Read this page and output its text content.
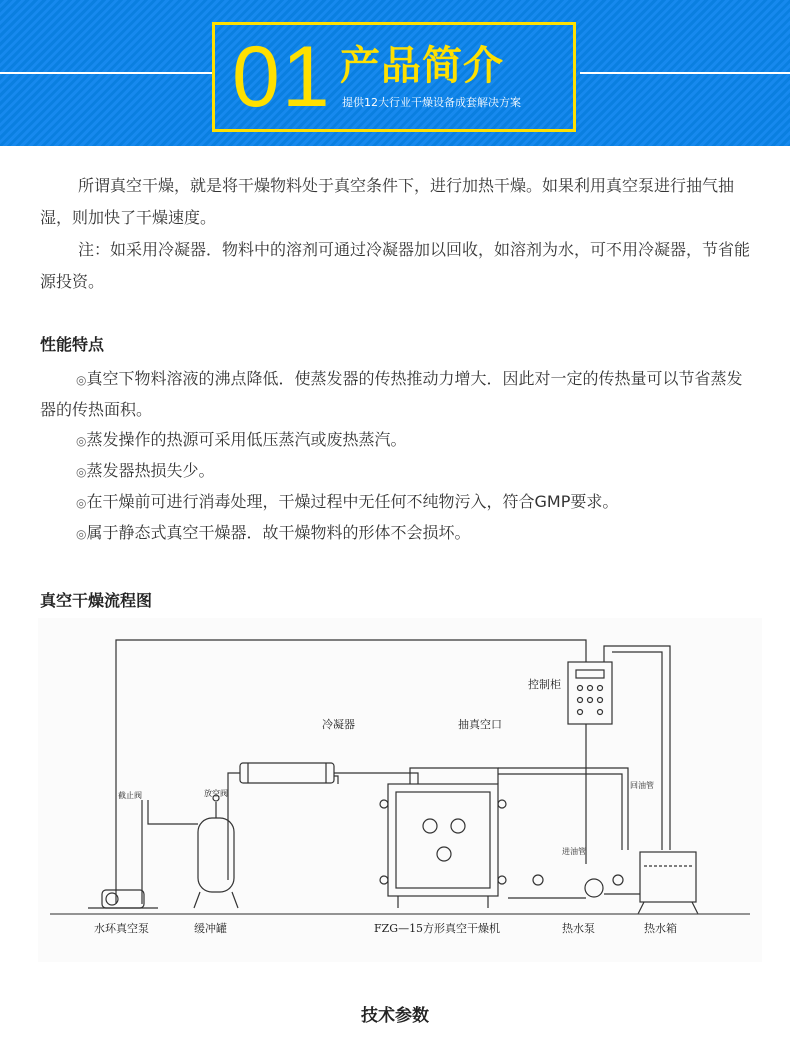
01 产品简介
提供12大行业干燥设备成套解决方案

所谓真空干燥，就是将干燥物料处于真空条件下，进行加热干燥。如果利用真空泵进行抽气抽湿，则加快了干燥速度。

注：如采用冷凝器．物料中的溶剂可通过冷凝器加以回收，如溶剂为水，可不用冷凝器，节省能源投资。

性能特点

◎真空下物料溶液的沸点降低．使蒸发器的传热推动力增大．因此对一定的传热量可以节省蒸发器的传热面积。

◎蒸发操作的热源可采用低压蒸汽或废热蒸汽。

◎蒸发器热损失少。

◎在干燥前可进行消毒处理，干燥过程中无任何不纯物污入，符合GMP要求。

◎属于静态式真空干燥器．故干燥物料的形体不会损坏。

真空干燥流程图
控制柜
冷凝器	抽真空口
回油管
进油管
放空阀
截止阀
水环真空泵	缓冲罐	FZG—15方形真空干燥机	热水泵	热水箱
技术参数
